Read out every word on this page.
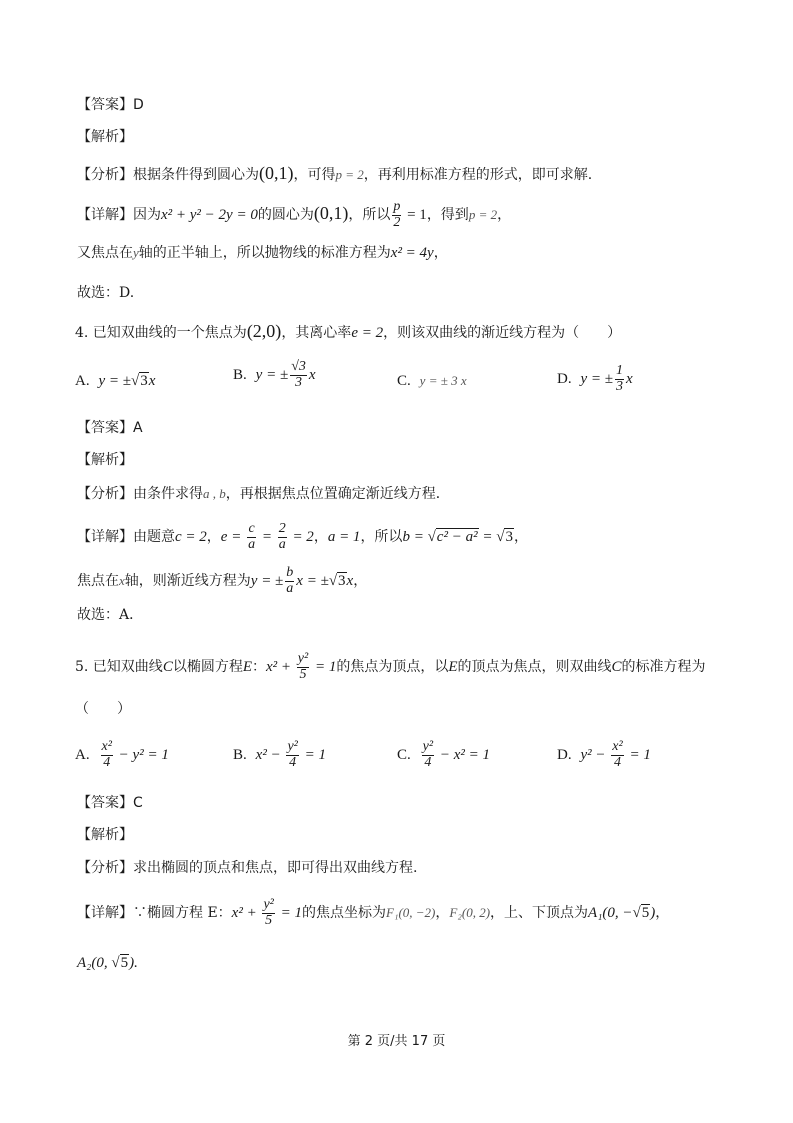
【答案】D
【解析】
【分析】根据条件得到圆心为(0,1)，可得p = 2，再利用标准方程的形式，即可求解.
【详解】因为x² + y² − 2y = 0的圆心为(0,1)，所以 $\frac{p}{2} = 1$，得到p = 2，
又焦点在y轴的正半轴上，所以抛物线的标准方程为x² = 4y，
故选：D.
4. 已知双曲线的一个焦点为(2,0)，其离心率e = 2，则该双曲线的渐近线方程为（　　）
A. y = ±√3x	B. y = ± $\frac{√3}{3}$ x	C. y = ± 3 x	D. y = ± $\frac{1}{3}$ x
【答案】A
【解析】
【分析】由条件求得a , b，再根据焦点位置确定渐近线方程．
【详解】由题意c = 2，$e = \frac{c}{a} = \frac{2}{a} = 2$，a = 1，所以b = √c² − a² = √3，
焦点在x轴，则渐近线方程为y = ± $\frac{b}{a}$ x = ±√3x，
故选：A．
5. 已知双曲线C以椭圆方程E：$x^2 + \frac{\text{y²}}{5} = 1$的焦点为顶点，以E的顶点为焦点，则双曲线C的标准方程为
（　　）
A. $\frac{\text{x²}}{4} - y^2 = 1$	B. $x^2 - \frac{\text{y²}}{4} = 1$	C. $\frac{\text{y²}}{4} - x^2 = 1$	D. $y^2 - \frac{\text{x²}}{4} = 1$
【答案】C
【解析】
【分析】求出椭圆的顶点和焦点，即可得出双曲线方程.
【详解】∵椭圆方程 E：$x^2 + \frac{\text{y²}}{5} = 1$的焦点坐标为F₁(0, −2)，F₂(0, 2)，上、下顶点为A₁(0, −√5)，
A₂(0, √5).
第 2 页/共 17 页
